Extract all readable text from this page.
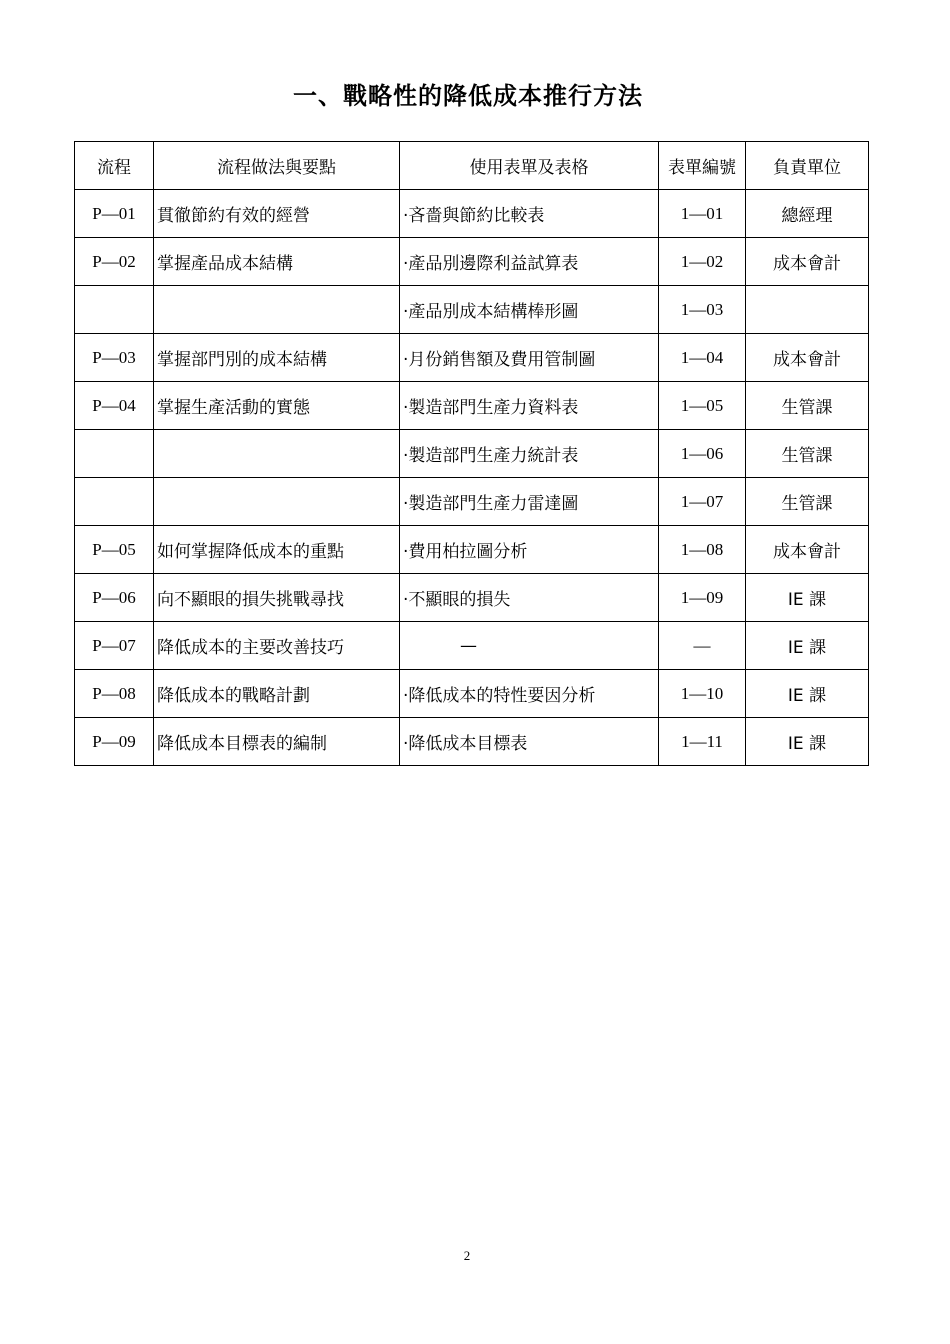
一、戰略性的降低成本推行方法
流程	流程做法與要點	使用表單及表格	表單編號	負責單位
P—01	貫徹節約有效的經營	·吝嗇與節約比較表	1—01	總經理
P—02	掌握產品成本結構	·產品別邊際利益試算表	1—02	成本會計
		·產品別成本結構棒形圖	1—03	
P—03	掌握部門別的成本結構	·月份銷售額及費用管制圖	1—04	成本會計
P—04	掌握生產活動的實態	·製造部門生產力資料表	1—05	生管課
		·製造部門生產力統計表	1—06	生管課
		·製造部門生產力雷達圖	1—07	生管課
P—05	如何掌握降低成本的重點	·費用柏拉圖分析	1—08	成本會計
P—06	向不顯眼的損失挑戰尋找	·不顯眼的損失	1—09	IE 課
P—07	降低成本的主要改善技巧	—	—	IE 課
P—08	降低成本的戰略計劃	·降低成本的特性要因分析	1—10	IE 課
P—09	降低成本目標表的編制	·降低成本目標表	1—11	IE 課
2
